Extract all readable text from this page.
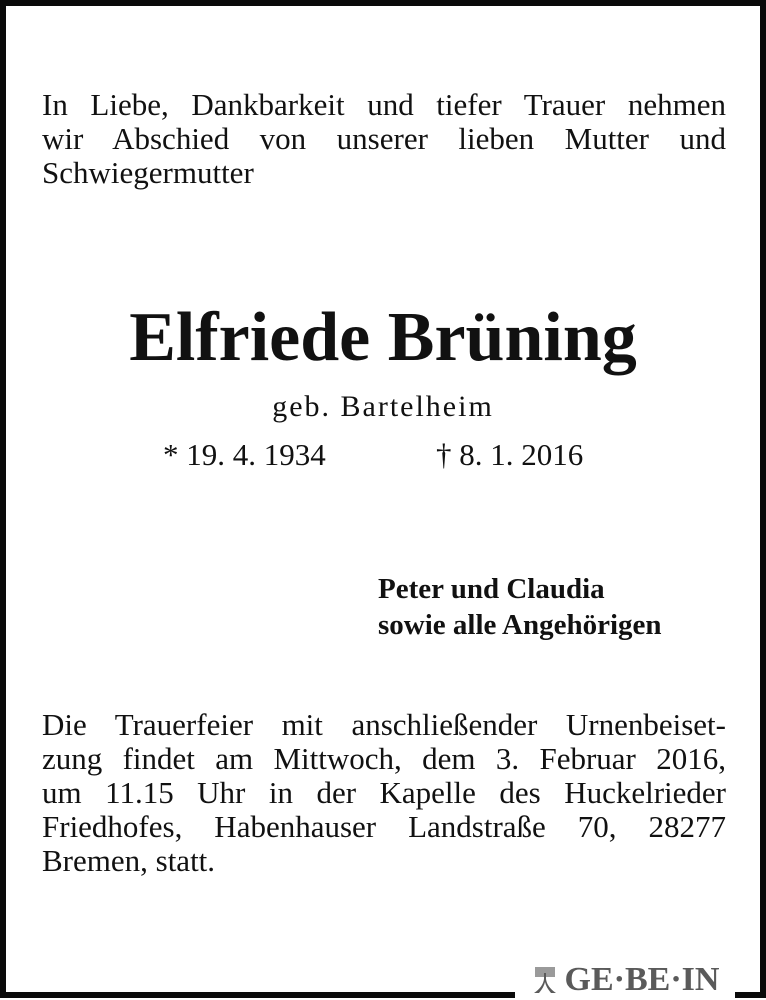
In Liebe, Dankbarkeit und tiefer Trauer nehmen
wir Abschied von unserer lieben Mutter und
Schwiegermutter
Elfriede Brüning
geb. Bartelheim
* 19. 4. 1934	† 8. 1. 2016
Peter und Claudia
sowie alle Angehörigen
Die Trauerfeier mit anschließender Urnenbeiset-
zung findet am Mittwoch, dem 3. Februar 2016,
um 11.15 Uhr in der Kapelle des Huckelrieder
Friedhofes, Habenhauser Landstraße 70, 28277
Bremen, statt.
GE·BE·IN
